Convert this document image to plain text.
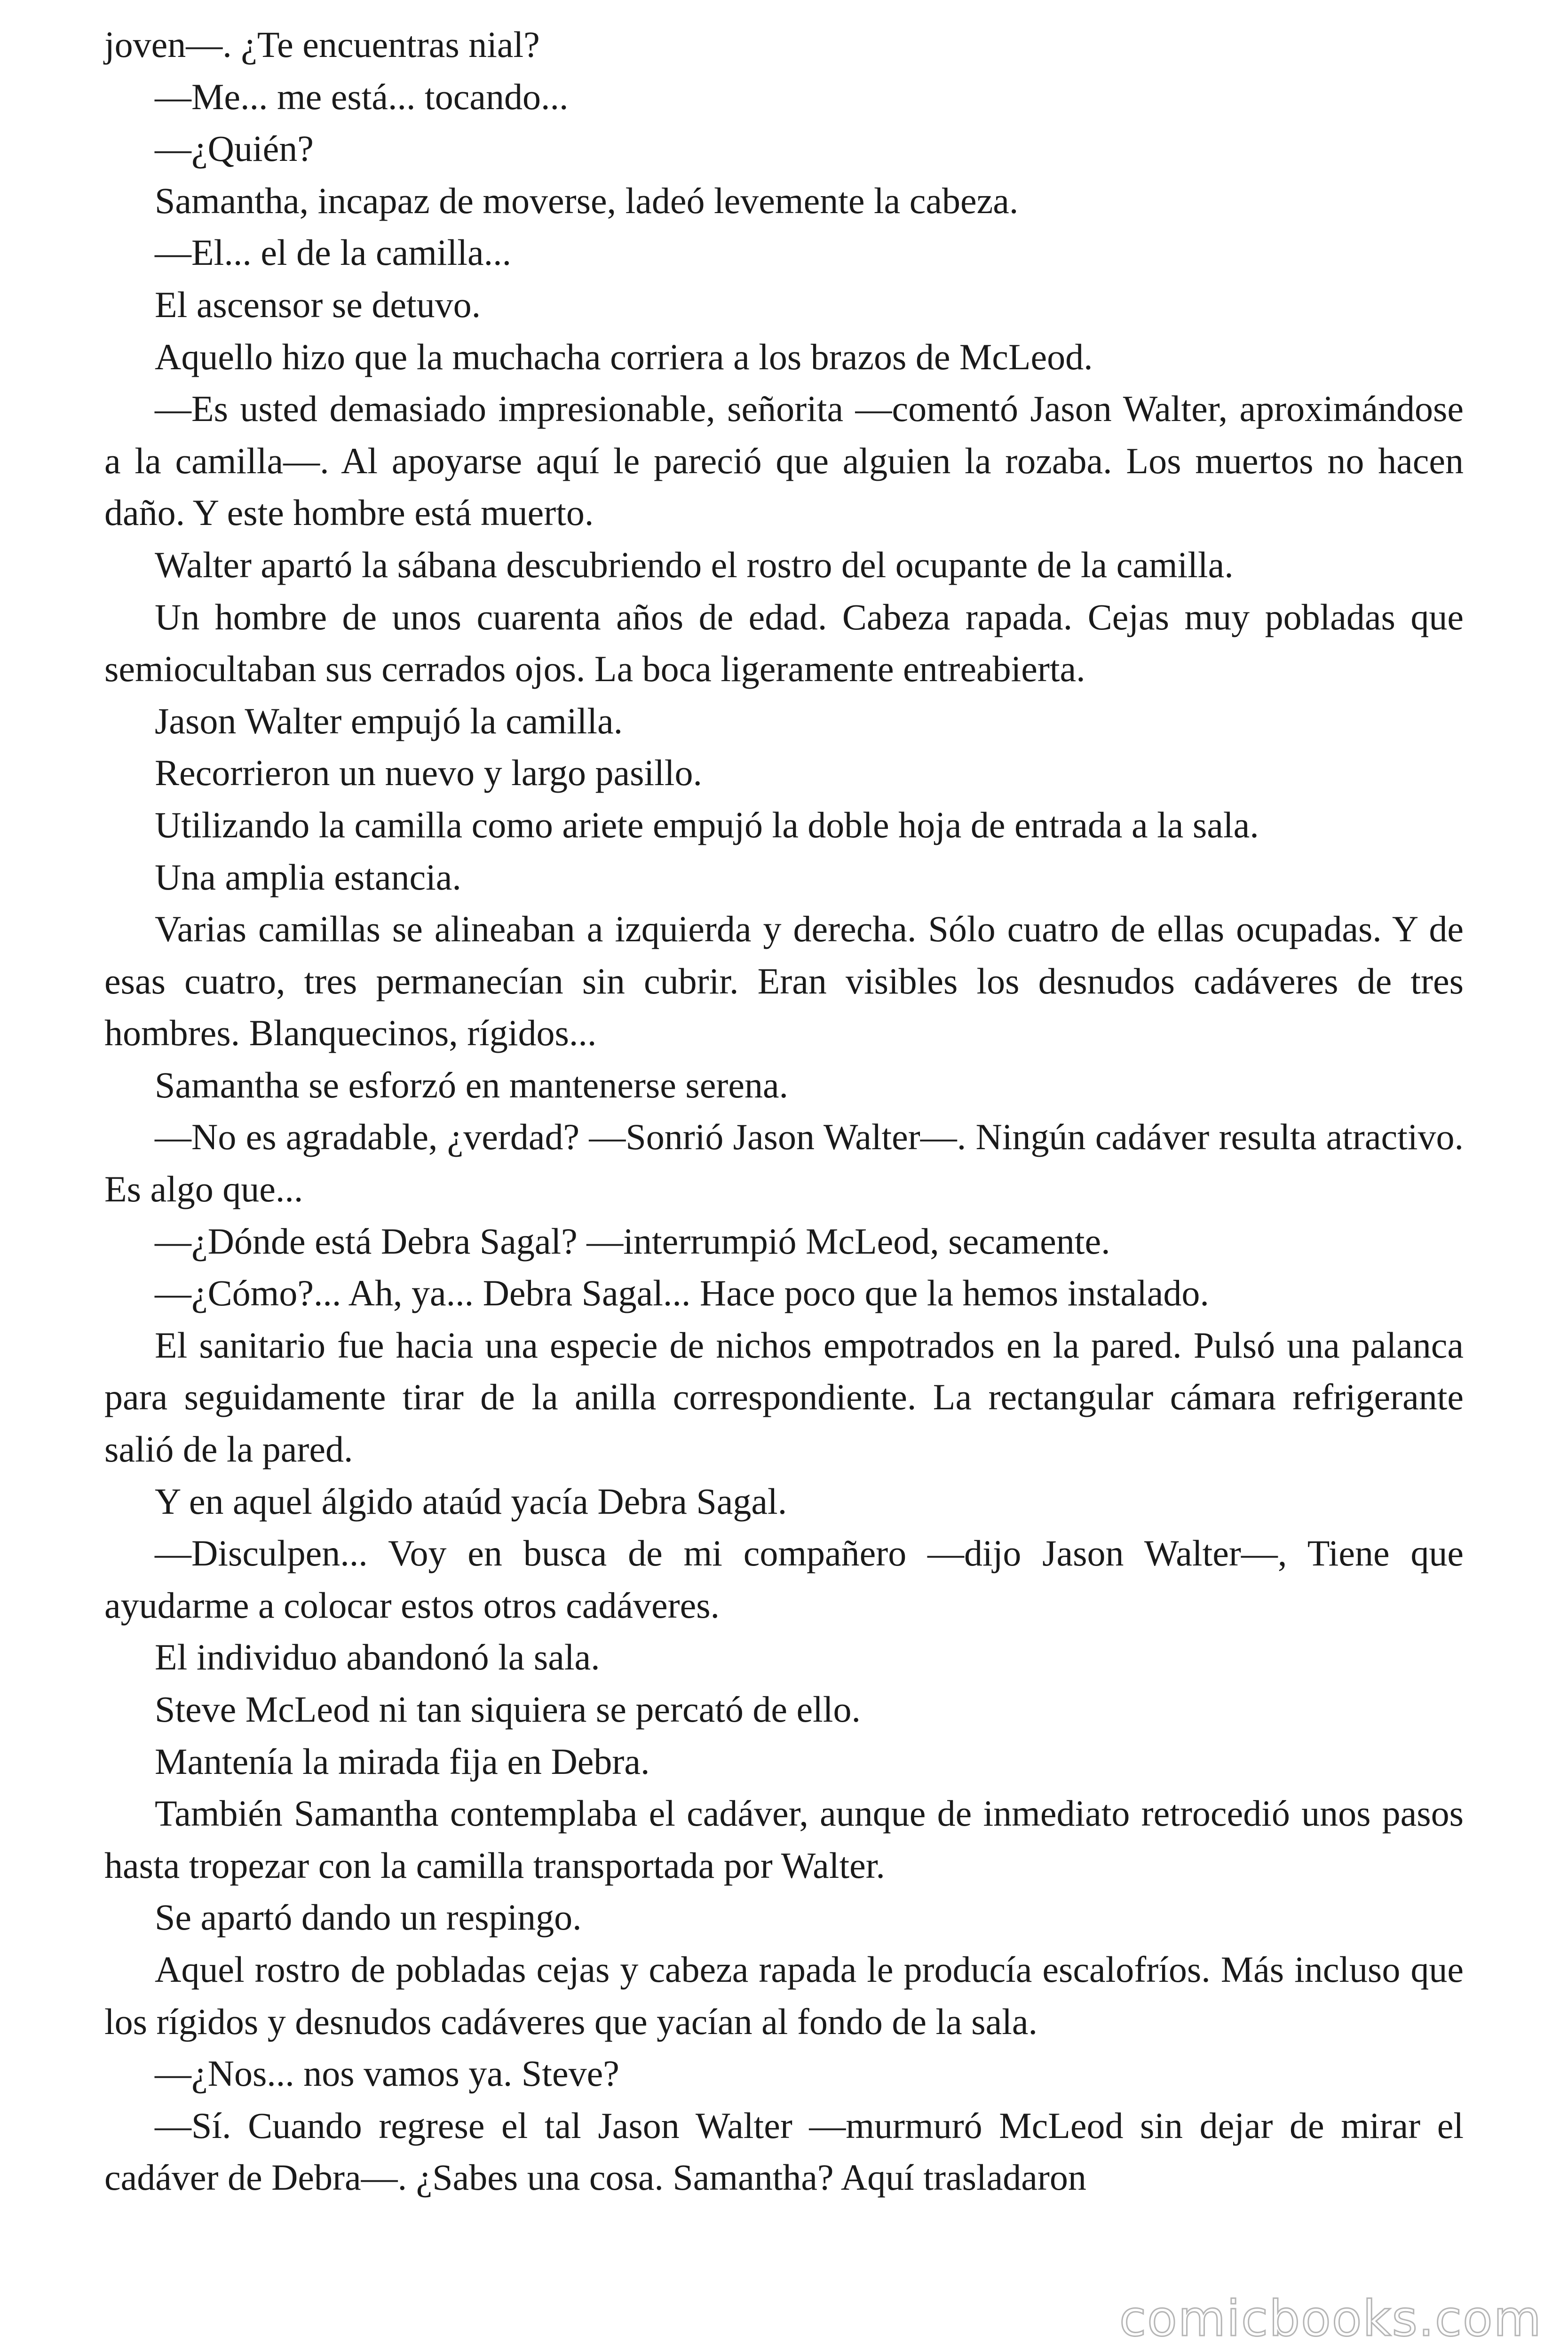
joven—. ¿Te encuentras nial?

—Me... me está... tocando...

—¿Quién?

Samantha, incapaz de moverse, ladeó levemente la cabeza.

—El... el de la camilla...

El ascensor se detuvo.

Aquello hizo que la muchacha corriera a los brazos de McLeod.

—Es usted demasiado impresionable, señorita —comentó Jason Walter, aproximándose a la camilla—. Al apoyarse aquí le pareció que alguien la rozaba. Los muertos no hacen daño. Y este hombre está muerto.

Walter apartó la sábana descubriendo el rostro del ocupante de la camilla.

Un hombre de unos cuarenta años de edad. Cabeza rapada. Cejas muy pobladas que semiocultaban sus cerrados ojos. La boca ligeramente entreabierta.

Jason Walter empujó la camilla.

Recorrieron un nuevo y largo pasillo.

Utilizando la camilla como ariete empujó la doble hoja de entrada a la sala.

Una amplia estancia.

Varias camillas se alineaban a izquierda y derecha. Sólo cuatro de ellas ocupadas. Y de esas cuatro, tres permanecían sin cubrir. Eran visibles los desnudos cadáveres de tres hombres. Blanquecinos, rígidos...

Samantha se esforzó en mantenerse serena.

—No es agradable, ¿verdad? —Sonrió Jason Walter—. Ningún cadáver resulta atractivo. Es algo que...

—¿Dónde está Debra Sagal? —interrumpió McLeod, secamente.

—¿Cómo?... Ah, ya... Debra Sagal... Hace poco que la hemos instalado.

El sanitario fue hacia una especie de nichos empotrados en la pared. Pulsó una palanca para seguidamente tirar de la anilla correspondiente. La rectangular cámara refrigerante salió de la pared.

Y en aquel álgido ataúd yacía Debra Sagal.

—Disculpen... Voy en busca de mi compañero —dijo Jason Walter—, Tiene que ayudarme a colocar estos otros cadáveres.

El individuo abandonó la sala.

Steve McLeod ni tan siquiera se percató de ello.

Mantenía la mirada fija en Debra.

También Samantha contemplaba el cadáver, aunque de inmediato retrocedió unos pasos hasta tropezar con la camilla transportada por Walter.

Se apartó dando un respingo.

Aquel rostro de pobladas cejas y cabeza rapada le producía escalofríos. Más incluso que los rígidos y desnudos cadáveres que yacían al fondo de la sala.

—¿Nos... nos vamos ya. Steve?

—Sí. Cuando regrese el tal Jason Walter —murmuró McLeod sin dejar de mirar el cadáver de Debra—. ¿Sabes una cosa. Samantha? Aquí trasladaron

comicbooks.com
